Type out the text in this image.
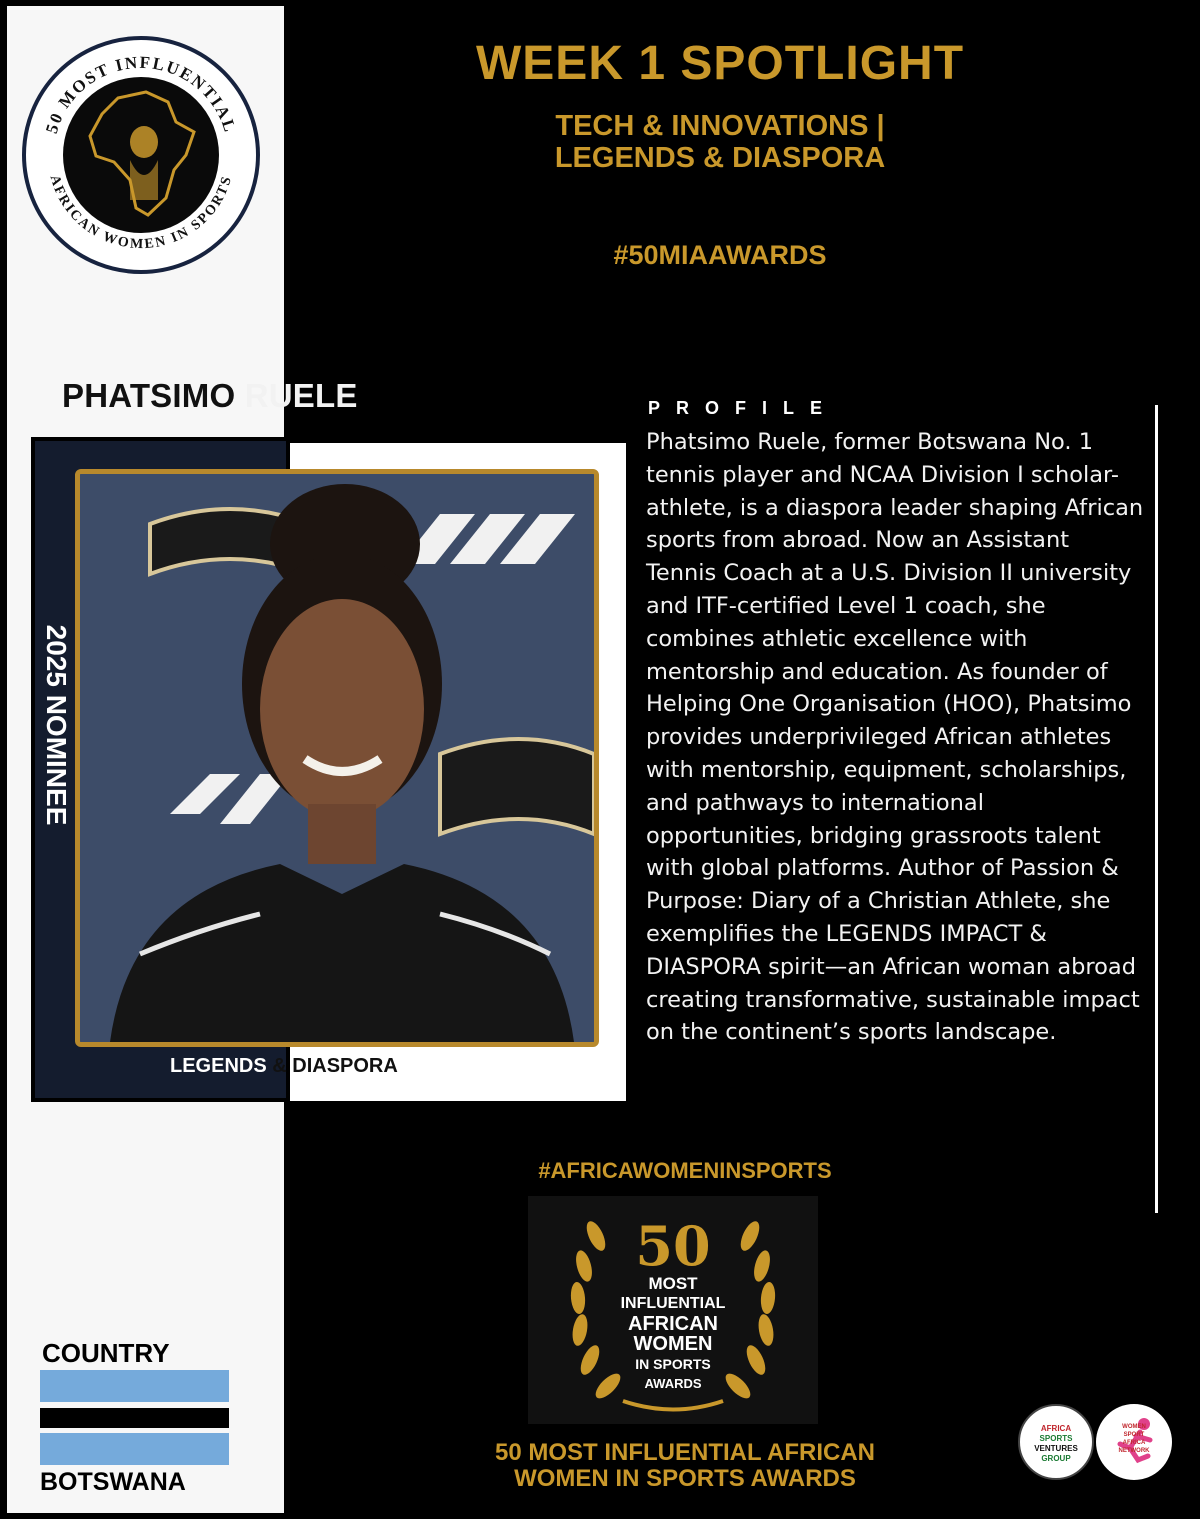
50 MOST INFLUENTIAL
AFRICAN WOMEN IN SPORTS
WEEK 1 SPOTLIGHT
TECH & INNOVATIONS |
LEGENDS & DIASPORA
#50MIAAWARDS
PHATSIMO RUELE
2025 NOMINEE
LEGENDS & DIASPORA
PROFILE
Phatsimo Ruele, former Botswana No. 1 tennis player and NCAA Division I scholar-athlete, is a diaspora leader shaping African sports from abroad. Now an Assistant Tennis Coach at a U.S. Division II university and ITF-certified Level 1 coach, she combines athletic excellence with mentorship and education. As founder of Helping One Organisation (HOO), Phatsimo provides underprivileged African athletes with mentorship, equipment, scholarships, and pathways to international opportunities, bridging grassroots talent with global platforms. Author of Passion & Purpose: Diary of a Christian Athlete, she exemplifies the LEGENDS IMPACT & DIASPORA spirit—an African woman abroad creating transformative, sustainable impact on the continent’s sports landscape.
#AFRICAWOMENINSPORTS
50
MOST
INFLUENTIAL
AFRICAN
WOMEN
IN SPORTS
AWARDS
50 MOST INFLUENTIAL AFRICAN
WOMEN IN SPORTS AWARDS
COUNTRY
BOTSWANA
AFRICA
SPORTS
VENTURES
GROUP
WOMEN
SPORT
AFRICA
NETWORK
